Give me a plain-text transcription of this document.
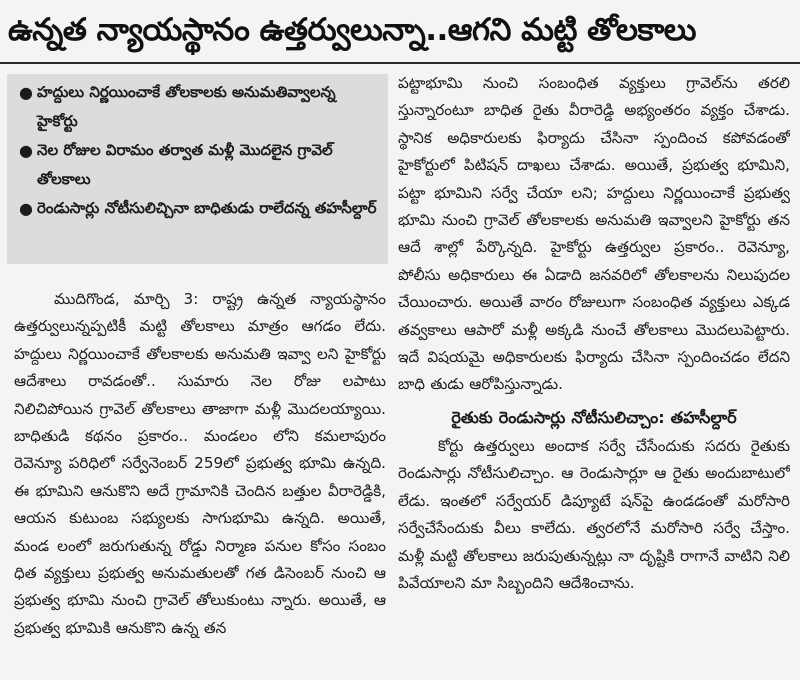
ఉన్నత న్యాయస్థానం ఉత్తర్వులున్నా..ఆగని మట్టి తోలకాలు
● హద్దులు నిర్ణయించాకే తోలకాలకు అనుమతివ్వాలన్న హైకోర్టు
● నెల రోజుల విరామం తర్వాత మళ్లీ మొదలైన గ్రావెల్ తోలకాలు
● రెండుసార్లు నోటీసులిచ్చినా బాధితుడు రాలేదన్న తహసీల్దార్

ముదిగొండ, మార్చి 3: రాష్ట్ర ఉన్నత న్యాయస్థానం ఉత్తర్వులున్నప్పటికీ మట్టి తోలకాలు మాత్రం ఆగడం లేదు. హద్దులు నిర్ణయించాకే తోలకాలకు అనుమతి ఇవ్వా లని హైకోర్టు ఆదేశాలు రావడంతో.. సుమారు నెల రోజు లపాటు నిలిచిపోయిన గ్రావెల్ తోలకాలు తాజాగా మళ్లీ మొదలయ్యాయి. బాధితుడి కథనం ప్రకారం.. మండలం లోని కమలాపురం రెవెన్యూ పరిధిలో సర్వేనెంబర్ 259లో ప్రభుత్వ భూమి ఉన్నది. ఈ భూమిని ఆనుకొని అదే గ్రామానికి చెందిన బత్తుల వీరారెడ్డికి, ఆయన కుటుంబ సభ్యులకు సాగుభూమి ఉన్నది. అయితే, మండ లంలో జరుగుతున్న రోడ్డు నిర్మాణ పనుల కోసం సంబం ధిత వ్యక్తులు ప్రభుత్వ అనుమతులతో గత డిసెంబర్ నుంచి ఆ ప్రభుత్వ భూమి నుంచి గ్రావెల్ తోలుకుంటు న్నారు. అయితే, ఆ ప్రభుత్వ భూమికి ఆనుకొని ఉన్న తన

పట్టాభూమి నుంచి సంబంధిత వ్యక్తులు గ్రావెల్‌ను తరలి స్తున్నారంటూ బాధిత రైతు వీరారెడ్డి అభ్యంతరం వ్యక్తం చేశాడు. స్థానిక అధికారులకు ఫిర్యాదు చేసినా స్పందించ కపోవడంతో హైకోర్టులో పిటిషన్ దాఖలు చేశాడు. అయితే, ప్రభుత్వ భూమిని, పట్టా భూమిని సర్వే చేయా లని; హద్దులు నిర్ణయించాకే ప్రభుత్వ భూమి నుంచి గ్రావెల్ తోలకాలకు అనుమతి ఇవ్వాలని హైకోర్టు తన ఆదే శాల్లో పేర్కొన్నది. హైకోర్టు ఉత్తర్వుల ప్రకారం.. రెవెన్యూ, పోలీసు అధికారులు ఈ ఏడాది జనవరిలో తోలకాలను నిలుపుదల చేయించారు. అయితే వారం రోజులుగా సంబంధిత వ్యక్తులు ఎక్కడ తవ్వకాలు ఆపారో మళ్లీ అక్కడి నుంచే తోలకాలు మొదలుపెట్టారు. ఇదే విషయమై అధికారులకు ఫిర్యాదు చేసినా స్పందించడం లేదని బాధి తుడు ఆరోపిస్తున్నాడు.

రైతుకు రెండుసార్లు నోటీసులిచ్చాం: తహసీల్దార్

కోర్టు ఉత్తర్వులు అందాక సర్వే చేసేందుకు సదరు రైతుకు రెండుసార్లు నోటీసులిచ్చాం. ఆ రెండుసార్లూ ఆ రైతు అందుబాటులో లేడు. ఇంతలో సర్వేయర్ డిప్యూటే షన్‌పై ఉండడంతో మరోసారి సర్వేచేసేందుకు వీలు కాలేదు. త్వరలోనే మరోసారి సర్వే చేస్తాం. మళ్లీ మట్టి తోలకాలు జరుపుతున్నట్లు నా దృష్టికి రాగానే వాటిని నిలి పివేయాలని మా సిబ్బందిని ఆదేశించాను.
